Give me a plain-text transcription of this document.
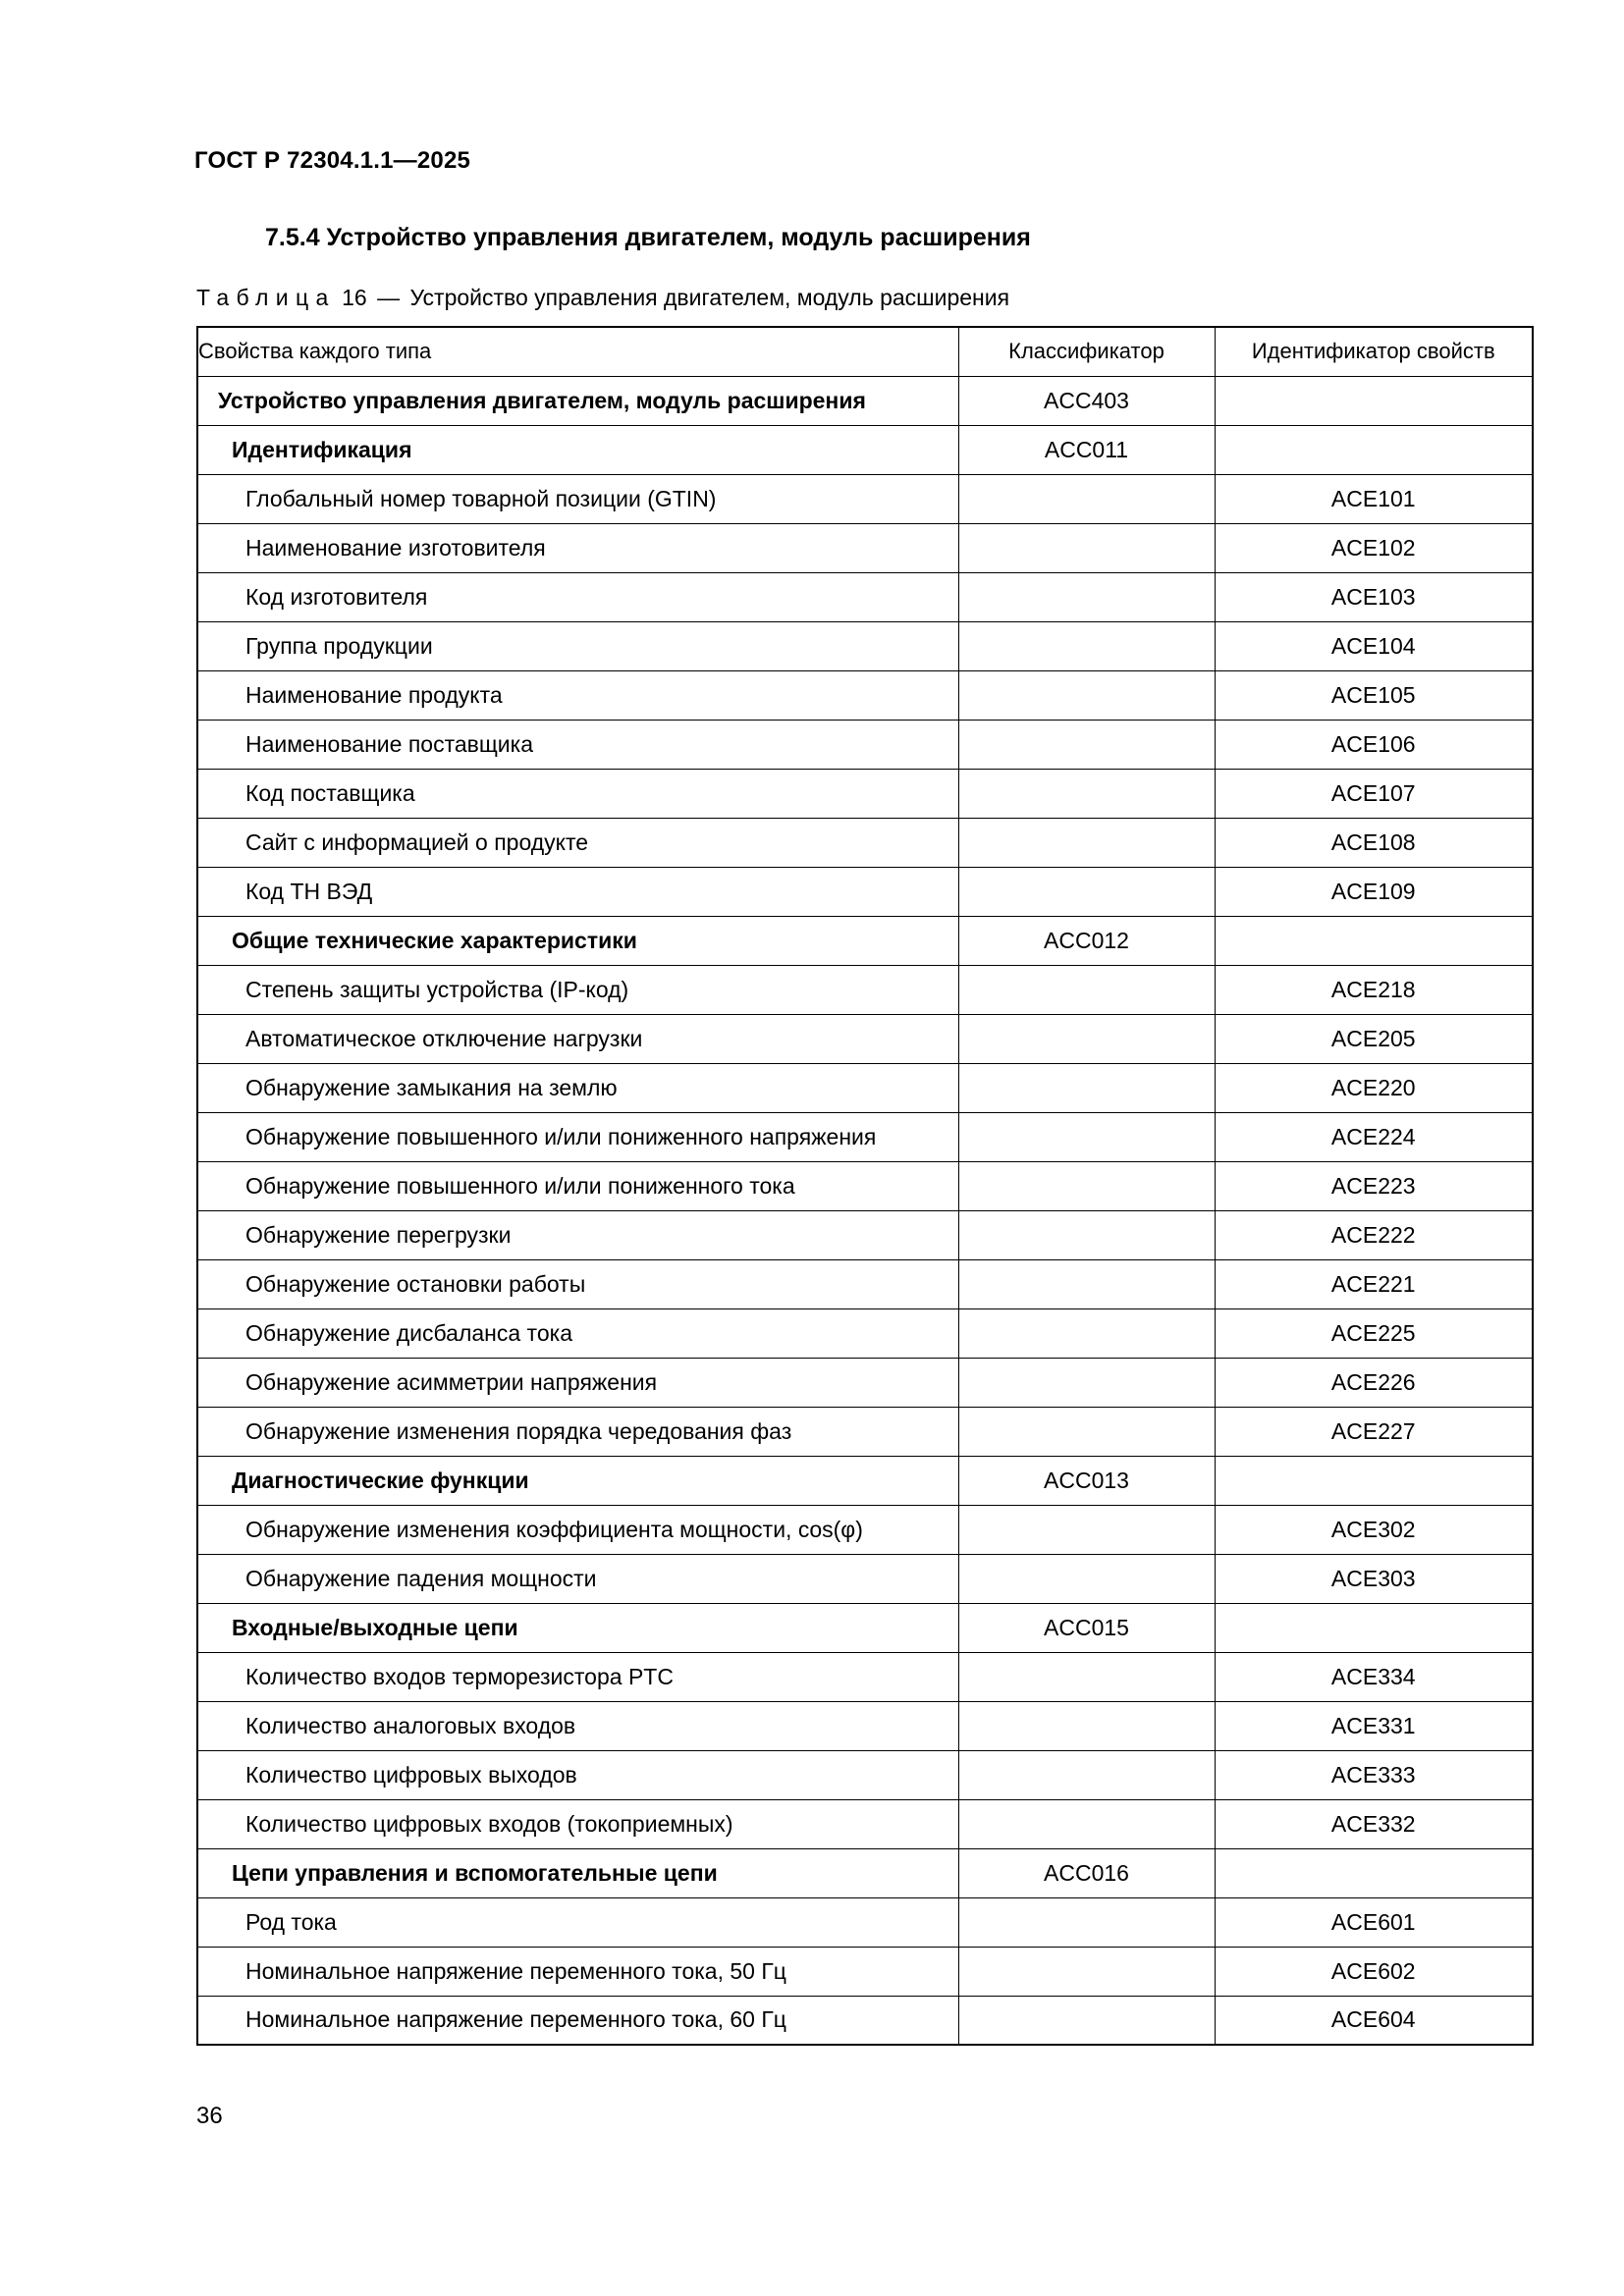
ГОСТ Р 72304.1.1—2025
7.5.4 Устройство управления двигателем, модуль расширения
Таблица 16 — Устройство управления двигателем, модуль расширения
Свойства каждого типа	Классификатор	Идентификатор свойств
Устройство управления двигателем, модуль расширения	ACC403	
Идентификация	ACC011	
Глобальный номер товарной позиции (GTIN)		ACE101
Наименование изготовителя		ACE102
Код изготовителя		ACE103
Группа продукции		ACE104
Наименование продукта		ACE105
Наименование поставщика		ACE106
Код поставщика		ACE107
Сайт с информацией о продукте		ACE108
Код ТН ВЭД		ACE109
Общие технические характеристики	ACC012	
Степень защиты устройства (IP-код)		ACE218
Автоматическое отключение нагрузки		ACE205
Обнаружение замыкания на землю		ACE220
Обнаружение повышенного и/или пониженного напряжения		ACE224
Обнаружение повышенного и/или пониженного тока		ACE223
Обнаружение перегрузки		ACE222
Обнаружение остановки работы		ACE221
Обнаружение дисбаланса тока		ACE225
Обнаружение асимметрии напряжения		ACE226
Обнаружение изменения порядка чередования фаз		ACE227
Диагностические функции	ACC013	
Обнаружение изменения коэффициента мощности, cos(φ)		ACE302
Обнаружение падения мощности		ACE303
Входные/выходные цепи	ACC015	
Количество входов терморезистора PTC		ACE334
Количество аналоговых входов		ACE331
Количество цифровых выходов		ACE333
Количество цифровых входов (токоприемных)		ACE332
Цепи управления и вспомогательные цепи	ACC016	
Род тока		ACE601
Номинальное напряжение переменного тока, 50 Гц		ACE602
Номинальное напряжение переменного тока, 60 Гц		ACE604
36
